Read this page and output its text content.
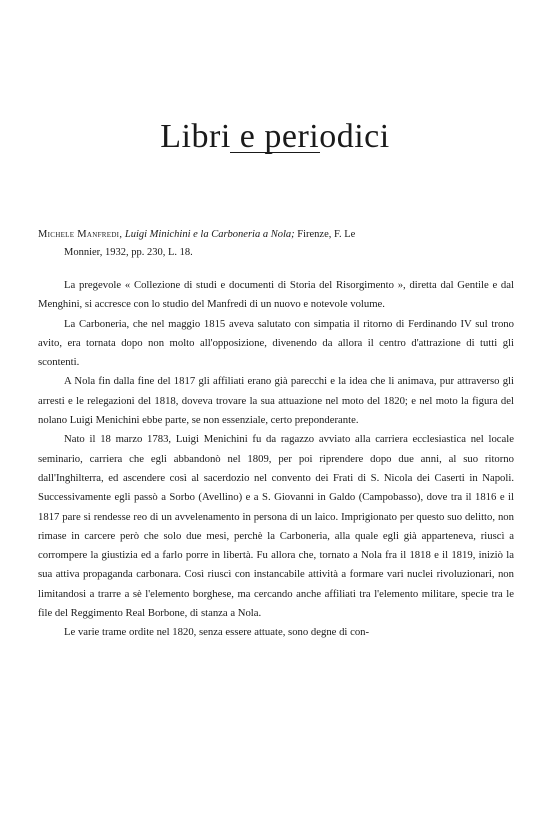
Libri e periodici
Michele Manfredi, Luigi Minichini e la Carboneria a Nola; Firenze, F. Le
Monnier, 1932, pp. 230, L. 18.

La pregevole « Collezione di studi e documenti di Storia del Risorgimento », diretta dal Gentile e dal Menghini, si accresce con lo studio del Manfredi di un nuovo e notevole volume.

La Carboneria, che nel maggio 1815 aveva salutato con simpatia il ritorno di Ferdinando IV sul trono avito, era tornata dopo non molto all'opposizione, divenendo da allora il centro d'attrazione di tutti gli scontenti.

A Nola fin dalla fine del 1817 gli affiliati erano già parecchi e la idea che li animava, pur attraverso gli arresti e le relegazioni del 1818, doveva trovare la sua attuazione nel moto del 1820; e nel moto la figura del nolano Luigi Menichini ebbe parte, se non essenziale, certo preponderante.

Nato il 18 marzo 1783, Luigi Menichini fu da ragazzo avviato alla carriera ecclesiastica nel locale seminario, carriera che egli abbandonò nel 1809, per poi riprendere dopo due anni, al suo ritorno dall'Inghilterra, ed ascendere così al sacerdozio nel convento dei Frati di S. Nicola dei Caserti in Napoli. Successivamente egli passò a Sorbo (Avellino) e a S. Giovanni in Galdo (Campobasso), dove tra il 1816 e il 1817 pare si rendesse reo di un avvelenamento in persona di un laico. Imprigionato per questo suo delitto, non rimase in carcere però che solo due mesi, perchè la Carboneria, alla quale egli già apparteneva, riuscì a corrompere la giustizia ed a farlo porre in libertà. Fu allora che, tornato a Nola fra il 1818 e il 1819, iniziò la sua attiva propaganda carbonara. Così riuscì con instancabile attività a formare vari nuclei rivoluzionari, non limitandosi a trarre a sè l'elemento borghese, ma cercando anche affiliati tra l'elemento militare, specie tra le file del Reggimento Real Borbone, di stanza a Nola.

Le varie trame ordite nel 1820, senza essere attuate, sono degne di con-
